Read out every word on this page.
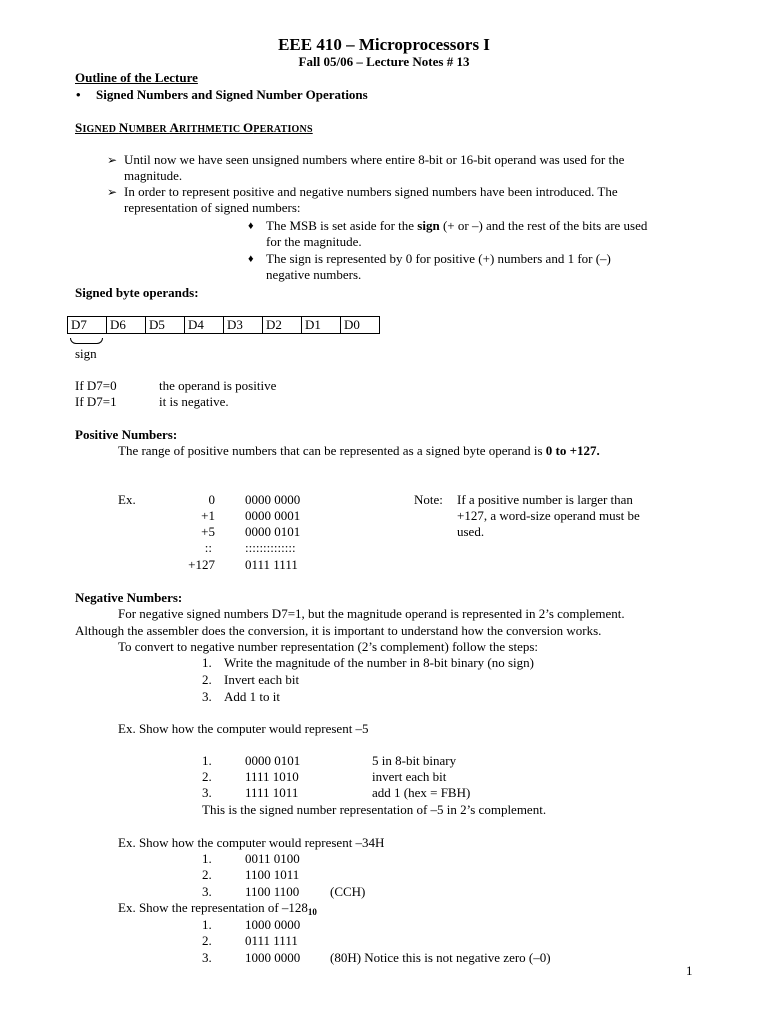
EEE 410 – Microprocessors I
Fall 05/06 – Lecture Notes # 13
Outline of the Lecture
• Signed Numbers and Signed Number Operations
SIGNED NUMBER ARITHMETIC OPERATIONS
➢ Until now we have seen unsigned numbers where entire 8-bit or 16-bit operand was used for the
magnitude.
➢ In order to represent positive and negative numbers signed numbers have been introduced. The
representation of signed numbers:
♦ The MSB is set aside for the sign (+ or –) and the rest of the bits are used
for the magnitude.
♦ The sign is represented by 0 for positive (+) numbers and 1 for (–)
negative numbers.
Signed byte operands:
D7	D6	D5	D4	D3	D2	D1	D0
sign
If D7=0	the operand is positive
If D7=1	it is negative.
Positive Numbers:
The range of positive numbers that can be represented as a signed byte operand is 0 to +127.
Ex.	0 0000 0000
+1 0000 0001
+5 0000 0101
::	::::::::::::::
+127 0111 1111
Note: If a positive number is larger than
+127, a word-size operand must be
used.
Negative Numbers:
For negative signed numbers D7=1, but the magnitude operand is represented in 2’s complement.
Although the assembler does the conversion, it is important to understand how the conversion works.
To convert to negative number representation (2’s complement) follow the steps:
1. Write the magnitude of the number in 8-bit binary (no sign)
2. Invert each bit
3. Add 1 to it
Ex. Show how the computer would represent –5
1.	0000 0101	5 in 8-bit binary
2.	1111 1010	invert each bit
3.	1111 1011	add 1 (hex = FBH)
This is the signed number representation of –5 in 2’s complement.
Ex. Show how the computer would represent –34H
1.	0011 0100
2.	1100 1011
3.	1100 1100 (CCH)
Ex. Show the representation of $-128_{10}$
1.	1000 0000
2.	0111 1111
3.	1000 0000 (80H) Notice this is not negative zero (–0)
1
